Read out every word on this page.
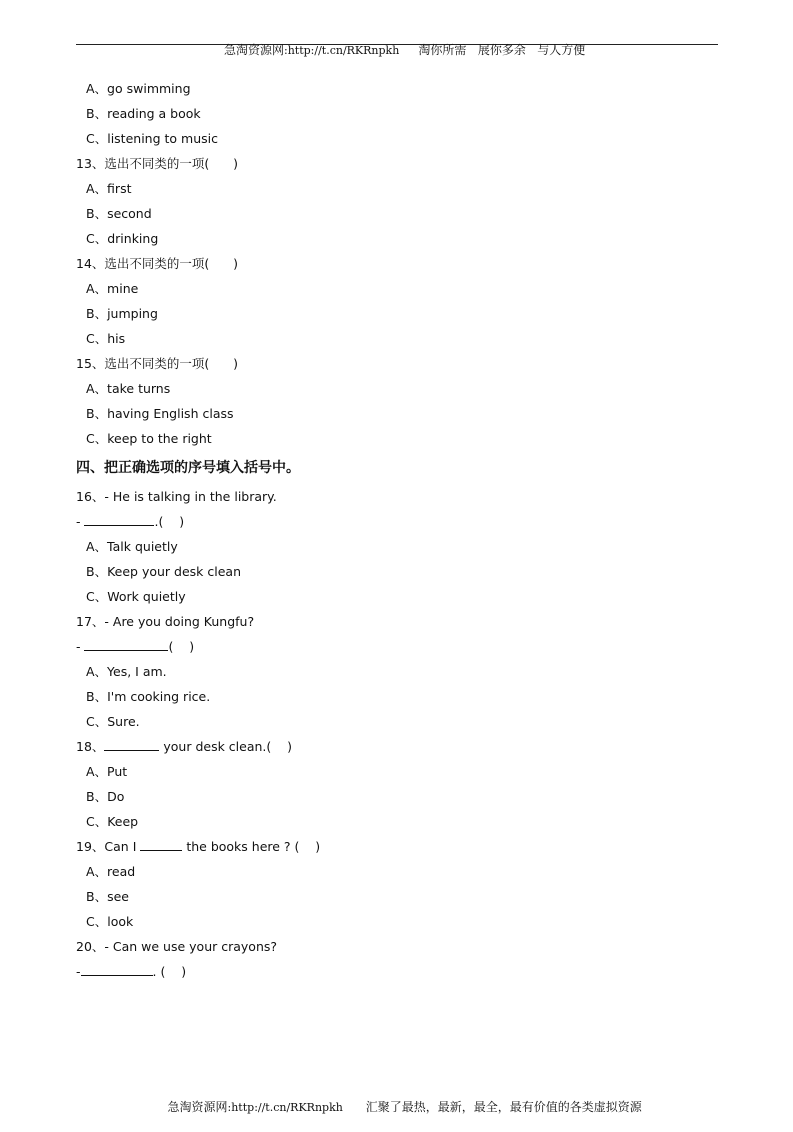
急淘资源网:http://t.cn/RKRnpkh 淘你所需   展你多余   与人方便

A、go swimming
B、reading a book
C、listening to music
13、选出不同类的一项(      )
A、first
B、second
C、drinking
14、选出不同类的一项(      )
A、mine
B、jumping
C、his
15、选出不同类的一项(      )
A、take turns
B、having English class
C、keep to the right
四、把正确选项的序号填入括号中。
16、- He is talking in the library.
-	.(    )
A、Talk quietly
B、Keep your desk clean
C、Work quietly
17、- Are you doing Kungfu?
-	(    )
A、Yes, I am.
B、I'm cooking rice.
C、Sure.
18、	your desk clean.(    )
A、Put
B、Do
C、Keep
19、Can I	the books here ? (    )
A、read
B、see
C、look
20、- Can we use your crayons?
-	. (    )

急淘资源网:http://t.cn/RKRnpkh 汇聚了最热，最新，最全，最有价值的各类虚拟资源
